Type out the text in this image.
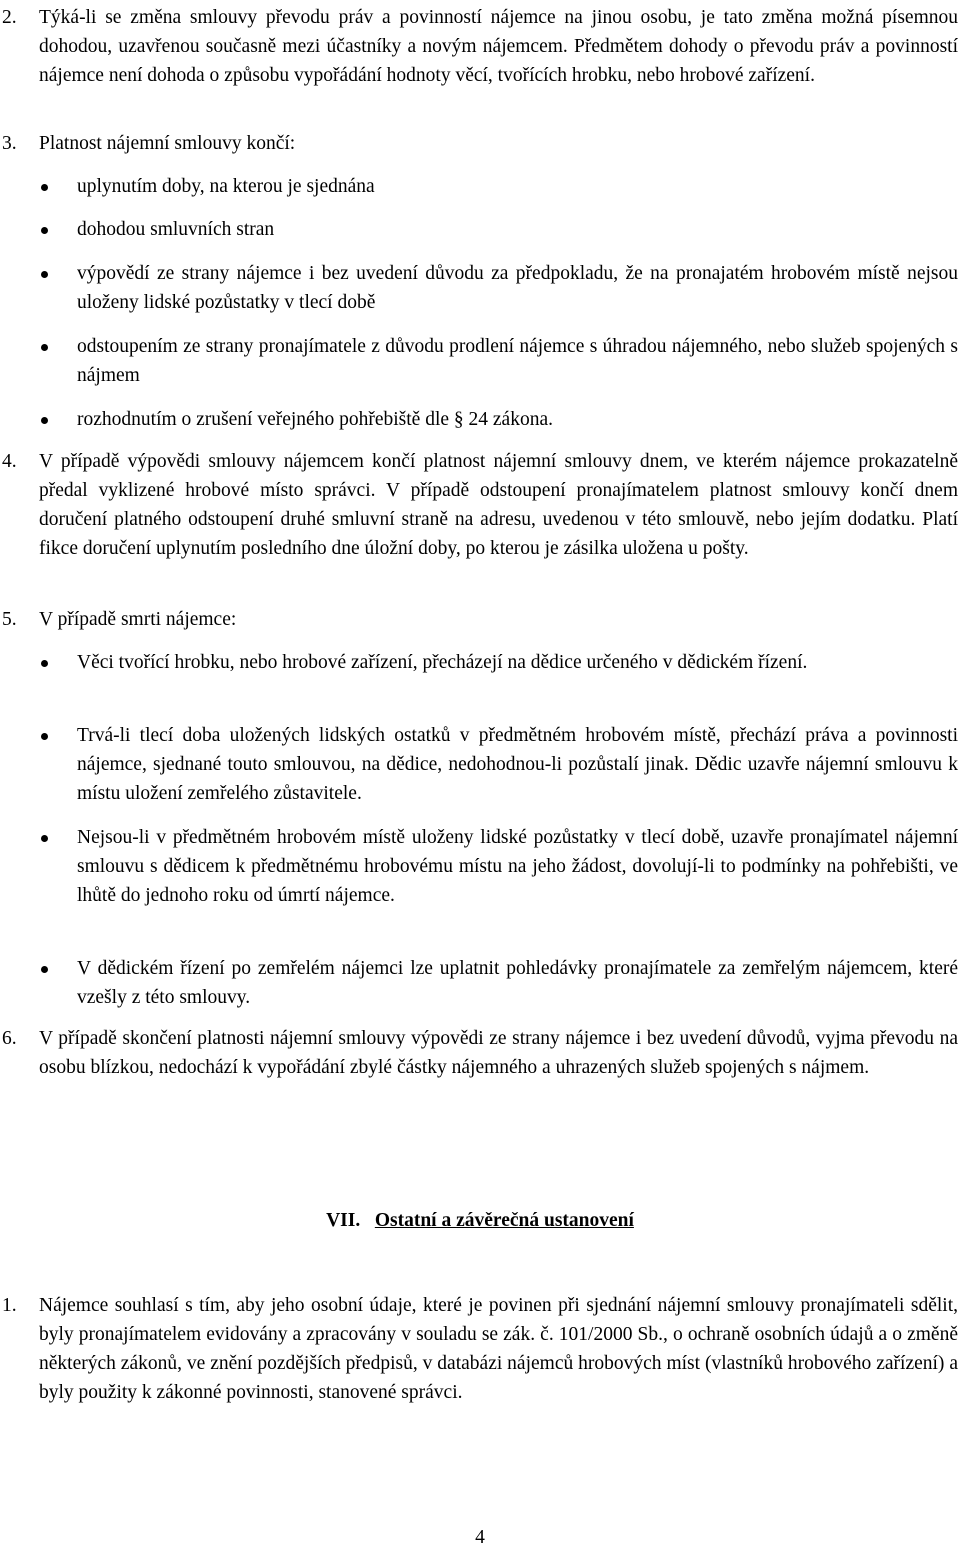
2. Týká-li se změna smlouvy převodu práv a povinností nájemce na jinou osobu, je tato změna možná písemnou dohodou, uzavřenou současně mezi účastníky a novým nájemcem. Předmětem dohody o převodu práv a povinností nájemce není dohoda o způsobu vypořádání hodnoty věcí, tvořících hrobku, nebo hrobové zařízení.
3. Platnost nájemní smlouvy končí:
uplynutím doby, na kterou je sjednána
dohodou smluvních stran
výpovědí ze strany nájemce i bez uvedení důvodu za předpokladu, že na pronajatém hrobovém místě nejsou uloženy lidské pozůstatky v tlecí době
odstoupením ze strany pronajímatele z důvodu prodlení nájemce s úhradou nájemného, nebo služeb spojených s nájmem
rozhodnutím o zrušení veřejného pohřebiště dle § 24 zákona.
4. V případě výpovědi smlouvy nájemcem končí platnost nájemní smlouvy dnem, ve kterém nájemce prokazatelně předal vyklizené hrobové místo správci. V případě odstoupení pronajímatelem platnost smlouvy končí dnem doručení platného odstoupení druhé smluvní straně na adresu, uvedenou v této smlouvě, nebo jejím dodatku. Platí fikce doručení uplynutím posledního dne úložní doby, po kterou je zásilka uložena u pošty.
5. V případě smrti nájemce:
Věci tvořící hrobku, nebo hrobové zařízení, přecházejí na dědice určeného v dědickém řízení.
Trvá-li tlecí doba uložených lidských ostatků v předmětném hrobovém místě, přechází práva a povinnosti nájemce, sjednané touto smlouvou, na dědice, nedohodnou-li pozůstalí jinak. Dědic uzavře nájemní smlouvu k místu uložení zemřelého zůstavitele.
Nejsou-li v předmětném hrobovém místě uloženy lidské pozůstatky v tlecí době, uzavře pronajímatel nájemní smlouvu s dědicem k předmětnému hrobovému místu na jeho žádost, dovolují-li to podmínky na pohřebišti, ve lhůtě do jednoho roku od úmrtí nájemce.
V dědickém řízení po zemřelém nájemci lze uplatnit pohledávky pronajímatele za zemřelým nájemcem, které vzešly z této smlouvy.
6. V případě skončení platnosti nájemní smlouvy výpovědi ze strany nájemce i bez uvedení důvodů, vyjma převodu na osobu blízkou, nedochází k vypořádání zbylé částky nájemného a uhrazených služeb spojených s nájmem.
VII. Ostatní a závěrečná ustanovení
1. Nájemce souhlasí s tím, aby jeho osobní údaje, které je povinen při sjednání nájemní smlouvy pronajímateli sdělit, byly pronajímatelem evidovány a zpracovány v souladu se zák. č. 101/2000 Sb., o ochraně osobních údajů a o změně některých zákonů, ve znění pozdějších předpisů, v databázi nájemců hrobových míst (vlastníků hrobového zařízení) a byly použity k zákonné povinnosti, stanovené správci.
4
